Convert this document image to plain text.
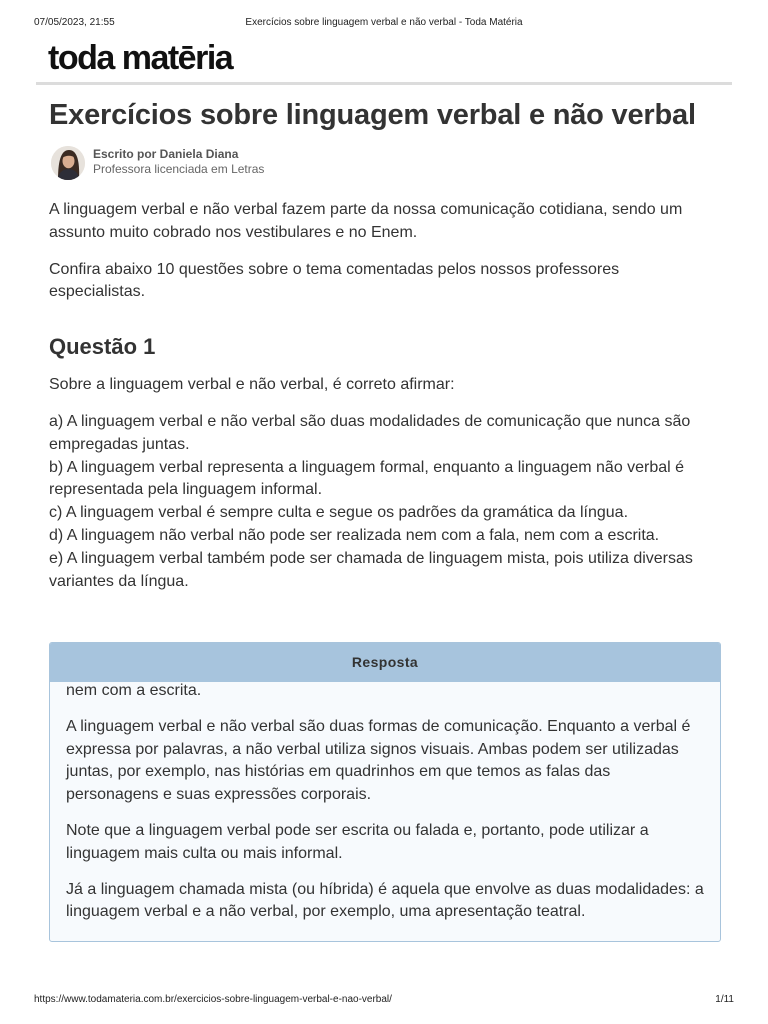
07/05/2023, 21:55	Exercícios sobre linguagem verbal e não verbal - Toda Matéria
toda matēria
Exercícios sobre linguagem verbal e não verbal
Escrito por Daniela Diana
Professora licenciada em Letras

A linguagem verbal e não verbal fazem parte da nossa comunicação cotidiana, sendo um assunto muito cobrado nos vestibulares e no Enem.

Confira abaixo 10 questões sobre o tema comentadas pelos nossos professores especialistas.

Questão 1

Sobre a linguagem verbal e não verbal, é correto afirmar:

a) A linguagem verbal e não verbal são duas modalidades de comunicação que nunca são empregadas juntas.
b) A linguagem verbal representa a linguagem formal, enquanto a linguagem não verbal é representada pela linguagem informal.
c) A linguagem verbal é sempre culta e segue os padrões da gramática da língua.
d) A linguagem não verbal não pode ser realizada nem com a fala, nem com a escrita.
e) A linguagem verbal também pode ser chamada de linguagem mista, pois utiliza diversas variantes da língua.
Resposta

nem com a escrita.

A linguagem verbal e não verbal são duas formas de comunicação. Enquanto a verbal é expressa por palavras, a não verbal utiliza signos visuais. Ambas podem ser utilizadas juntas, por exemplo, nas histórias em quadrinhos em que temos as falas das personagens e suas expressões corporais.

Note que a linguagem verbal pode ser escrita ou falada e, portanto, pode utilizar a linguagem mais culta ou mais informal.

Já a linguagem chamada mista (ou híbrida) é aquela que envolve as duas modalidades: a linguagem verbal e a não verbal, por exemplo, uma apresentação teatral.

https://www.todamateria.com.br/exercicios-sobre-linguagem-verbal-e-nao-verbal/	1/11
